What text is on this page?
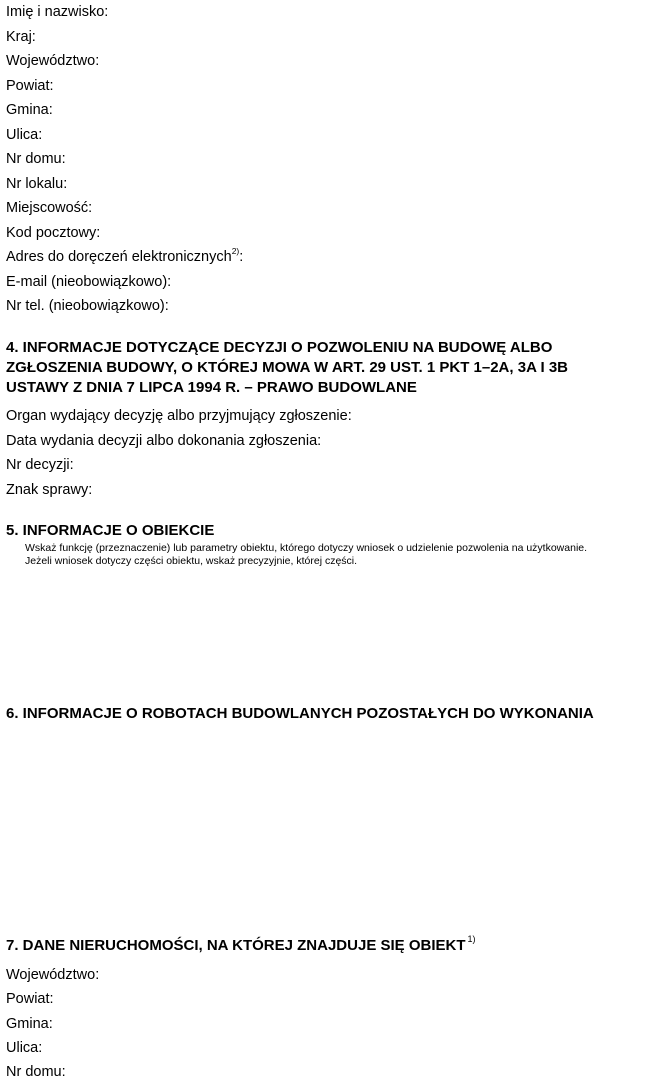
Imię i nazwisko:
Kraj:
Województwo:
Powiat:
Gmina:
Ulica:
Nr domu:
Nr lokalu:
Miejscowość:
Kod pocztowy:
Adres do doręczeń elektronicznych$^{2)}$:
E-mail (nieobowiązkowo):
Nr tel. (nieobowiązkowo):
4. INFORMACJE DOTYCZĄCE DECYZJI O POZWOLENIU NA BUDOWĘ ALBO
ZGŁOSZENIA BUDOWY, O KTÓREJ MOWA W ART. 29 UST. 1 PKT 1–2A, 3A I 3B
USTAWY Z DNIA 7 LIPCA 1994 R. – PRAWO BUDOWLANE
Organ wydający decyzję albo przyjmujący zgłoszenie:
Data wydania decyzji albo dokonania zgłoszenia:
Nr decyzji:
Znak sprawy:
5. INFORMACJE O OBIEKCIE
Wskaż funkcję (przeznaczenie) lub parametry obiektu, którego dotyczy wniosek o udzielenie pozwolenia na użytkowanie.
Jeżeli wniosek dotyczy części obiektu, wskaż precyzyjnie, której części.
6. INFORMACJE O ROBOTACH BUDOWLANYCH POZOSTAŁYCH DO WYKONANIA
7. DANE NIERUCHOMOŚCI, NA KTÓREJ ZNAJDUJE SIĘ OBIEKT $^{1)}$
Województwo:
Powiat:
Gmina:
Ulica:
Nr domu:
